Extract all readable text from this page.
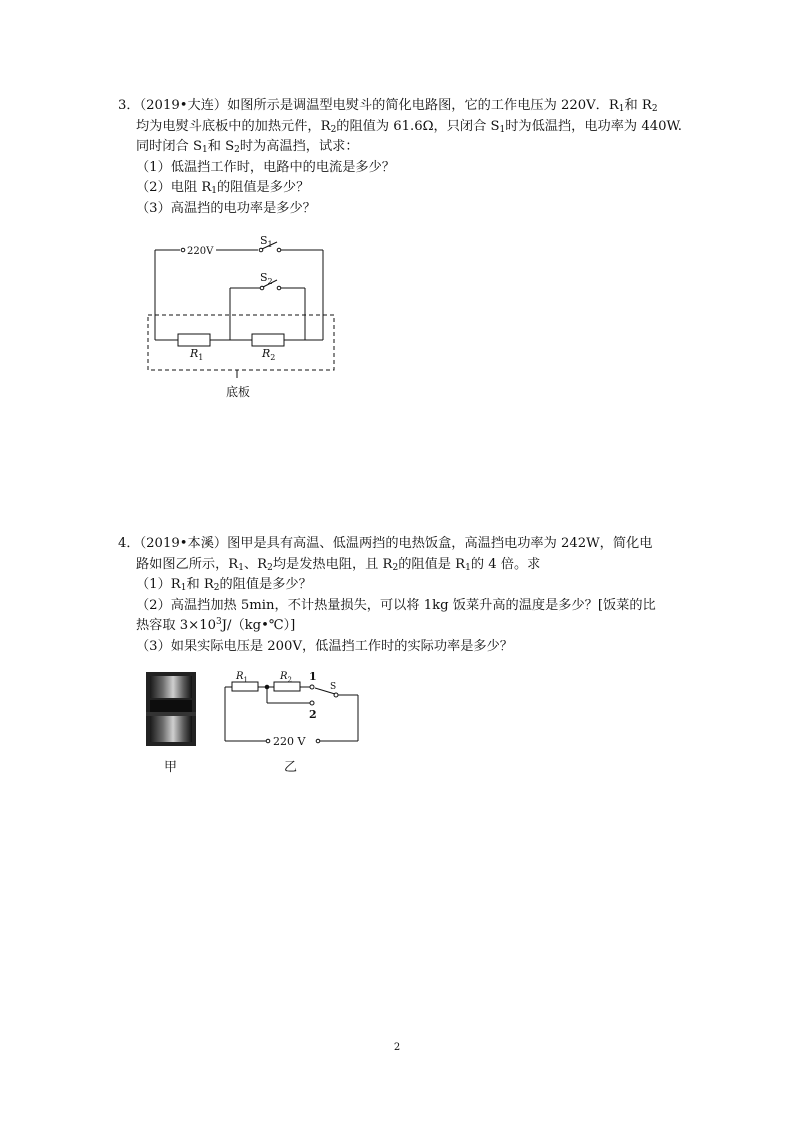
3．（2019•大连）如图所示是调温型电熨斗的简化电路图，它的工作电压为 220V．$R_1$和 $R_2$

均为电熨斗底板中的加热元件，$R_2$的阻值为 61.6Ω，只闭合 $S_1$时为低温挡，电功率为 440W.

同时闭合 $S_1$和 $S_2$时为高温挡，试求：

（1）低温挡工作时，电路中的电流是多少？

（2）电阻 $R_1$的阻值是多少？

（3）高温挡的电功率是多少？

220V
$S_1$
$S_2$
$R_1$	$R_2$
底板

4．（2019•本溪）图甲是具有高温、低温两挡的电热饭盒，高温挡电功率为 242W，简化电

路如图乙所示，$R_1$、$R_2$均是发热电阻，且 $R_2$的阻值是 $R_1$的 4 倍。求

$(1)R_1$和 $R_2$的阻值是多少？

（2）高温挡加热 5min，不计热量损失，可以将 1kg 饭菜升高的温度是多少？[饭菜的比

热容取 $3\times 10^3J/(kg•℃)$]

（3）如果实际电压是 200V，低温挡工作时的实际功率是多少？

220 V
$R_1$	$R_2$ 1
2
S
甲	乙
2
